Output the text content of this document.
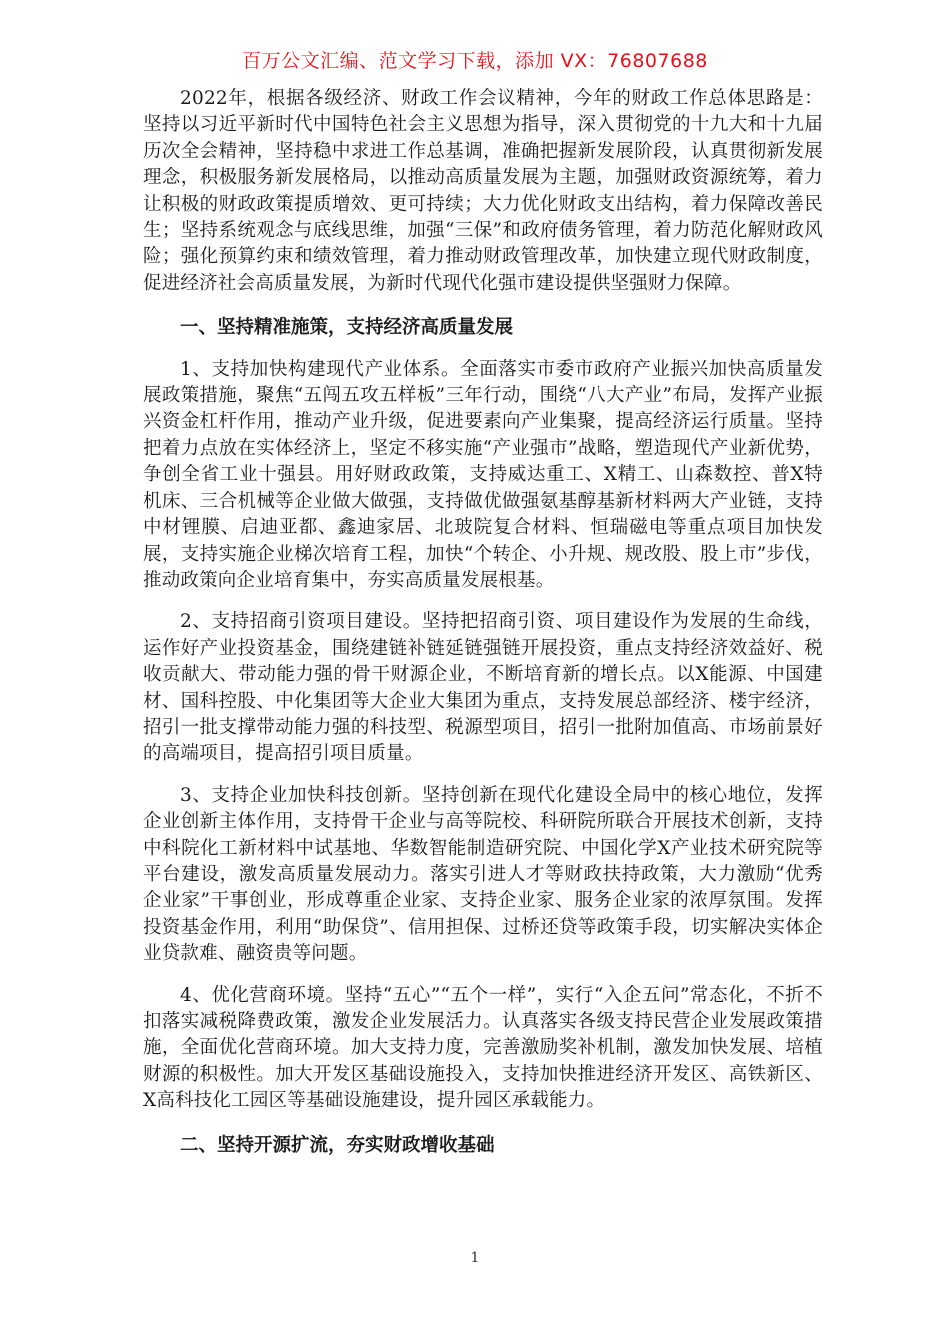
百万公文汇编、范文学习下载，添加 VX：76807688

2022年，根据各级经济、财政工作会议精神，今年的财政工作总体思路是：坚持以习近平新时代中国特色社会主义思想为指导，深入贯彻党的十九大和十九届历次全会精神，坚持稳中求进工作总基调，准确把握新发展阶段，认真贯彻新发展理念，积极服务新发展格局，以推动高质量发展为主题，加强财政资源统筹，着力让积极的财政政策提质增效、更可持续；大力优化财政支出结构，着力保障改善民生；坚持系统观念与底线思维，加强“三保”和政府债务管理，着力防范化解财政风险；强化预算约束和绩效管理，着力推动财政管理改革，加快建立现代财政制度，促进经济社会高质量发展，为新时代现代化强市建设提供坚强财力保障。

一、坚持精准施策，支持经济高质量发展

1、支持加快构建现代产业体系。全面落实市委市政府产业振兴加快高质量发展政策措施，聚焦“五闯五攻五样板”三年行动，围绕“八大产业”布局，发挥产业振兴资金杠杆作用，推动产业升级，促进要素向产业集聚，提高经济运行质量。坚持把着力点放在实体经济上，坚定不移实施“产业强市”战略，塑造现代产业新优势，争创全省工业十强县。用好财政政策，支持威达重工、X精工、山森数控、普X特机床、三合机械等企业做大做强，支持做优做强氨基醇基新材料两大产业链，支持中材锂膜、启迪亚都、鑫迪家居、北玻院复合材料、恒瑞磁电等重点项目加快发展，支持实施企业梯次培育工程，加快“个转企、小升规、规改股、股上市”步伐，推动政策向企业培育集中，夯实高质量发展根基。

2、支持招商引资项目建设。坚持把招商引资、项目建设作为发展的生命线，运作好产业投资基金，围绕建链补链延链强链开展投资，重点支持经济效益好、税收贡献大、带动能力强的骨干财源企业，不断培育新的增长点。以X能源、中国建材、国科控股、中化集团等大企业大集团为重点，支持发展总部经济、楼宇经济，招引一批支撑带动能力强的科技型、税源型项目，招引一批附加值高、市场前景好的高端项目，提高招引项目质量。

3、支持企业加快科技创新。坚持创新在现代化建设全局中的核心地位，发挥企业创新主体作用，支持骨干企业与高等院校、科研院所联合开展技术创新，支持中科院化工新材料中试基地、华数智能制造研究院、中国化学X产业技术研究院等平台建设，激发高质量发展动力。落实引进人才等财政扶持政策，大力激励“优秀企业家”干事创业，形成尊重企业家、支持企业家、服务企业家的浓厚氛围。发挥投资基金作用，利用“助保贷”、信用担保、过桥还贷等政策手段，切实解决实体企业贷款难、融资贵等问题。

4、优化营商环境。坚持“五心”“五个一样”，实行“入企五问”常态化，不折不扣落实减税降费政策，激发企业发展活力。认真落实各级支持民营企业发展政策措施，全面优化营商环境。加大支持力度，完善激励奖补机制，激发加快发展、培植财源的积极性。加大开发区基础设施投入，支持加快推进经济开发区、高铁新区、X高科技化工园区等基础设施建设，提升园区承载能力。

二、坚持开源扩流，夯实财政增收基础

1
